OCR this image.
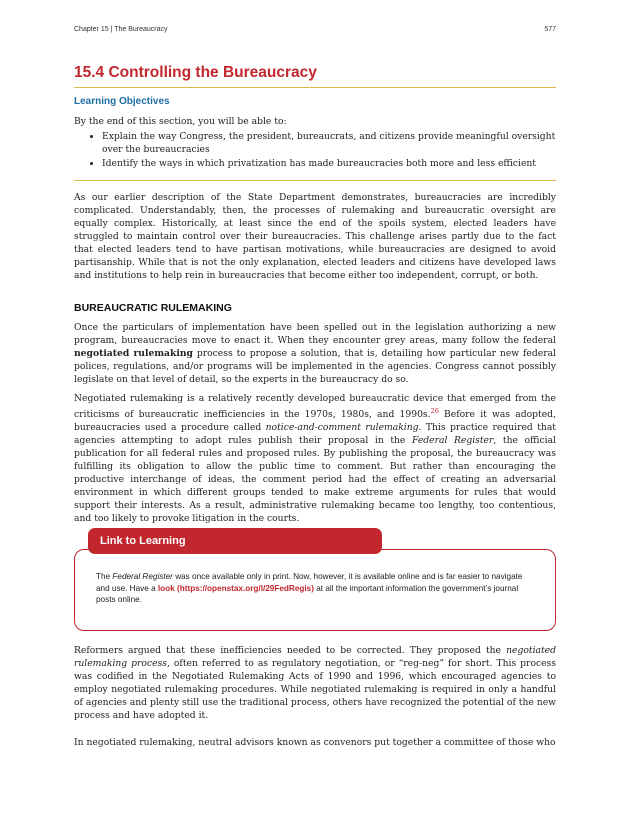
Chapter 15 | The Bureaucracy	577
15.4 Controlling the Bureaucracy
Learning Objectives
By the end of this section, you will be able to:
• Explain the way Congress, the president, bureaucrats, and citizens provide meaningful oversight over the bureaucracies
• Identify the ways in which privatization has made bureaucracies both more and less efficient

As our earlier description of the State Department demonstrates, bureaucracies are incredibly complicated. Understandably, then, the processes of rulemaking and bureaucratic oversight are equally complex. Historically, at least since the end of the spoils system, elected leaders have struggled to maintain control over their bureaucracies. This challenge arises partly due to the fact that elected leaders tend to have partisan motivations, while bureaucracies are designed to avoid partisanship. While that is not the only explanation, elected leaders and citizens have developed laws and institutions to help rein in bureaucracies that become either too independent, corrupt, or both.

BUREAUCRATIC RULEMAKING

Once the particulars of implementation have been spelled out in the legislation authorizing a new program, bureaucracies move to enact it. When they encounter grey areas, many follow the federal negotiated rulemaking process to propose a solution, that is, detailing how particular new federal polices, regulations, and/or programs will be implemented in the agencies. Congress cannot possibly legislate on that level of detail, so the experts in the bureaucracy do so.

Negotiated rulemaking is a relatively recently developed bureaucratic device that emerged from the criticisms of bureaucratic inefficiencies in the 1970s, 1980s, and 1990s.$^{26}$ Before it was adopted, bureaucracies used a procedure called notice-and-comment rulemaking. This practice required that agencies attempting to adopt rules publish their proposal in the Federal Register, the official publication for all federal rules and proposed rules. By publishing the proposal, the bureaucracy was fulfilling its obligation to allow the public time to comment. But rather than encouraging the productive interchange of ideas, the comment period had the effect of creating an adversarial environment in which different groups tended to make extreme arguments for rules that would support their interests. As a result, administrative rulemaking became too lengthy, too contentious, and too likely to provoke litigation in the courts.

Link to Learning

The Federal Register was once available only in print. Now, however, it is available online and is far easier to navigate and use. Have a look (https://openstax.org/l/29FedRegis) at all the important information the government’s journal posts online.

Reformers argued that these inefficiencies needed to be corrected. They proposed the negotiated rulemaking process, often referred to as regulatory negotiation, or “reg-neg” for short. This process was codified in the Negotiated Rulemaking Acts of 1990 and 1996, which encouraged agencies to employ negotiated rulemaking procedures. While negotiated rulemaking is required in only a handful of agencies and plenty still use the traditional process, others have recognized the potential of the new process and have adopted it.

In negotiated rulemaking, neutral advisors known as convenors put together a committee of those who
